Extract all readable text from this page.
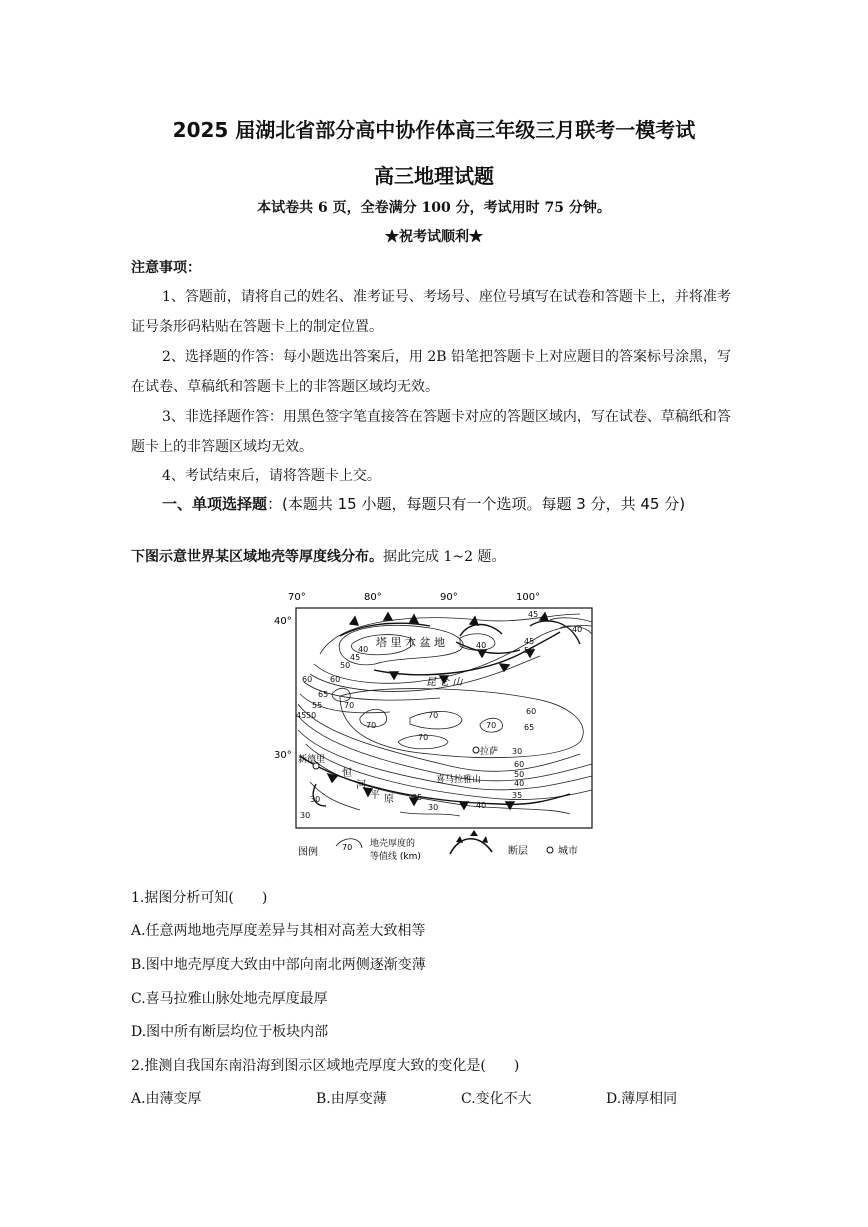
2025 届湖北省部分高中协作体高三年级三月联考一模考试
高三地理试题
本试卷共 6 页，全卷满分 100 分，考试用时 75 分钟。
★祝考试顺利★
注意事项：

1、答题前，请将自己的姓名、准考证号、考场号、座位号填写在试卷和答题卡上，并将准考证号条形码粘贴在答题卡上的制定位置。

2、选择题的作答：每小题选出答案后，用 2B 铅笔把答题卡上对应题目的答案标号涂黑，写在试卷、草稿纸和答题卡上的非答题区域均无效。

3、非选择题作答：用黑色签字笔直接答在答题卡对应的答题区域内，写在试卷、草稿纸和答题卡上的非答题区域均无效。

4、考试结束后，请将答题卡上交。

一、单项选择题：(本题共 15 小题，每题只有一个选项。每题 3 分，共 45 分)
下图示意世界某区域地壳等厚度线分布。据此完成 1~2 题。
70°	80°	90°	100°
40°
30°
塔 里 木 盆 地
昆 仑 山
喜马拉雅山
恒
河
平 原
新德里
拉萨
45
40
45
50
40
45
50
40
60
65
60
55
50
45
70
70
70
70
70
60
65
60
50
40
30	35
40
30
35
30
30
图例	70 地壳厚度的
等值线 (km)	断层	城市
1.据图分析可知(　　)
A.任意两地地壳厚度差异与其相对高差大致相等
B.图中地壳厚度大致由中部向南北两侧逐渐变薄
C.喜马拉雅山脉处地壳厚度最厚
D.图中所有断层均位于板块内部
2.推测自我国东南沿海到图示区域地壳厚度大致的变化是(　　)
A.由薄变厚	B.由厚变薄	C.变化不大	D.薄厚相同
